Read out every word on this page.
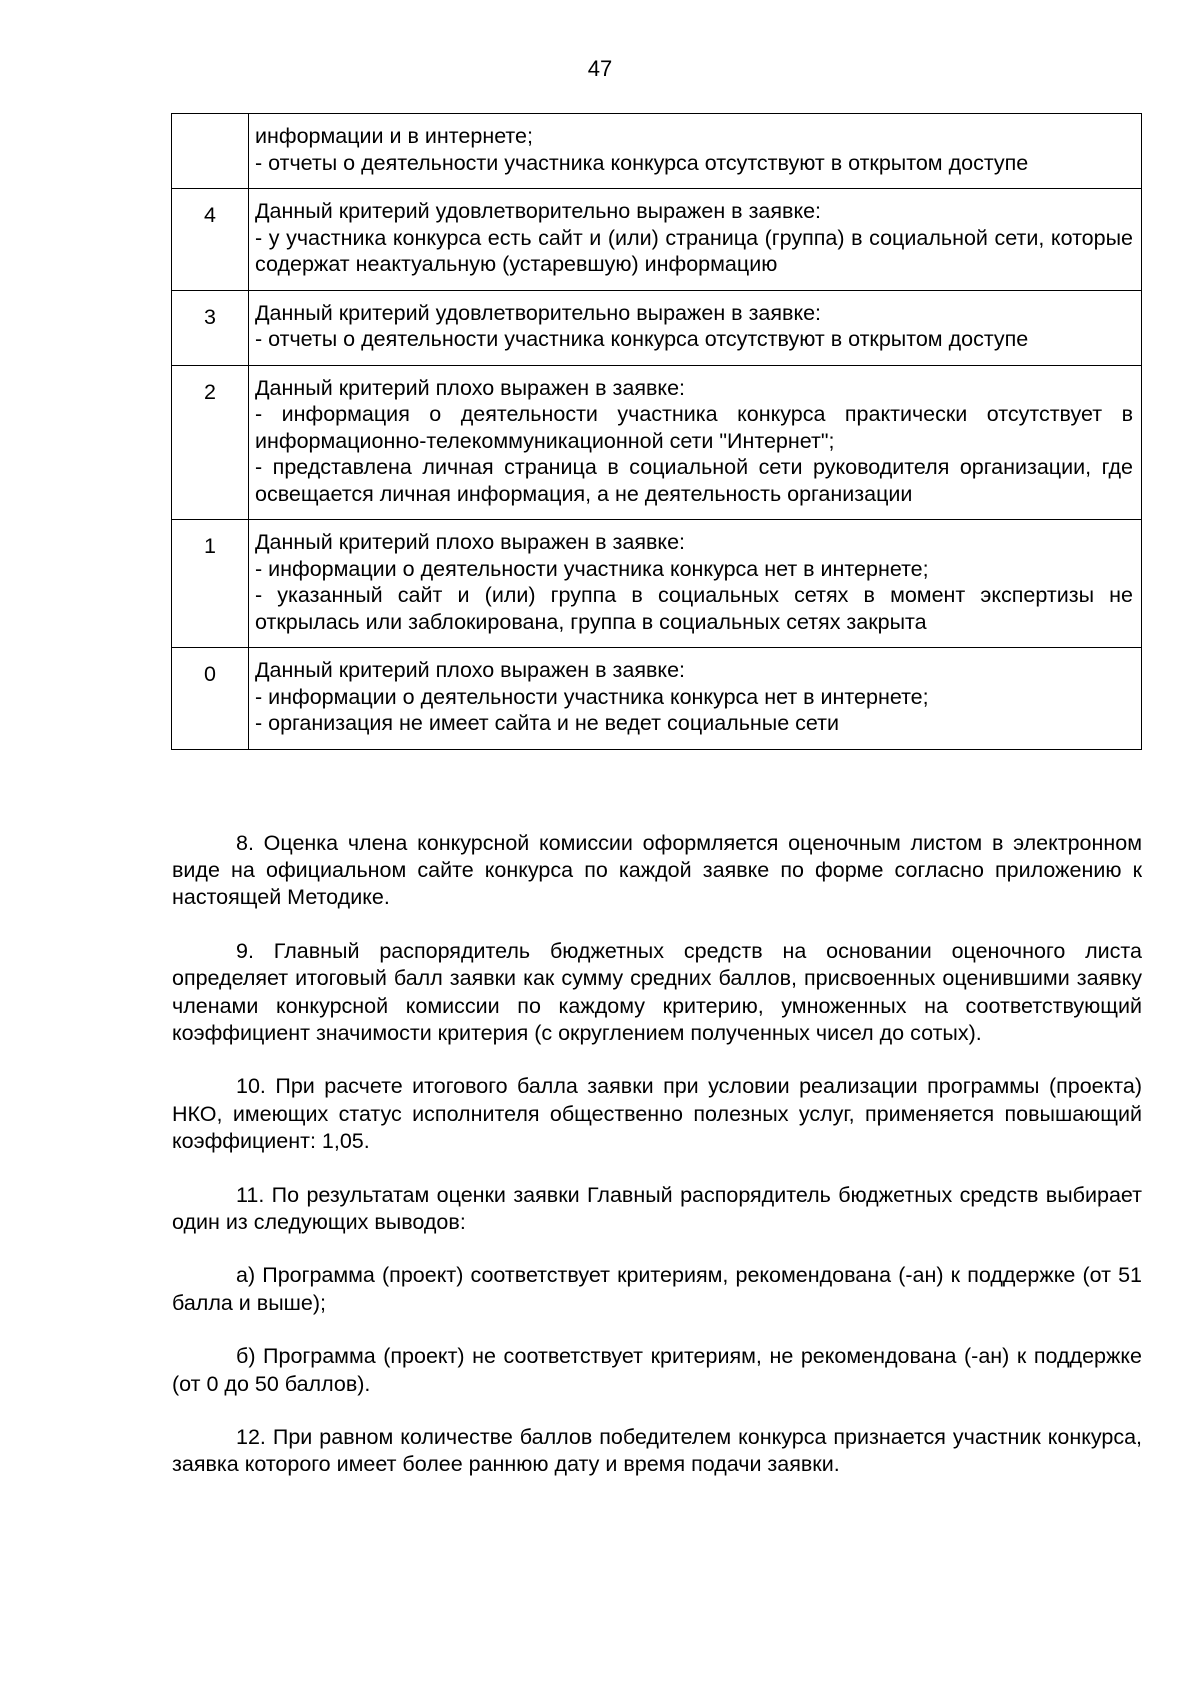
47

	информации и в интернете;
- отчеты о деятельности участника конкурса отсутствуют в открытом доступе

4	Данный критерий удовлетворительно выражен в заявке:
- у участника конкурса есть сайт и (или) страница (группа) в социальной сети, которые содержат неактуальную (устаревшую) информацию

3	Данный критерий удовлетворительно выражен в заявке:
- отчеты о деятельности участника конкурса отсутствуют в открытом доступе

2	Данный критерий плохо выражен в заявке:
- информация о деятельности участника конкурса практически отсутствует в информационно-телекоммуникационной сети "Интернет";
- представлена личная страница в социальной сети руководителя организации, где освещается личная информация, а не деятельность организации

1	Данный критерий плохо выражен в заявке:
- информации о деятельности участника конкурса нет в интернете;
- указанный сайт и (или) группа в социальных сетях в момент экспертизы не открылась или заблокирована, группа в социальных сетях закрыта

0	Данный критерий плохо выражен в заявке:
- информации о деятельности участника конкурса нет в интернете;
- организация не имеет сайта и не ведет социальные сети

8. Оценка члена конкурсной комиссии оформляется оценочным листом в электронном виде на официальном сайте конкурса по каждой заявке по форме согласно приложению к настоящей Методике.

9. Главный распорядитель бюджетных средств на основании оценочного листа определяет итоговый балл заявки как сумму средних баллов, присвоенных оценившими заявку членами конкурсной комиссии по каждому критерию, умноженных на соответствующий коэффициент значимости критерия (с округлением полученных чисел до сотых).

10. При расчете итогового балла заявки при условии реализации программы (проекта) НКО, имеющих статус исполнителя общественно полезных услуг, применяется повышающий коэффициент: 1,05.

11. По результатам оценки заявки Главный распорядитель бюджетных средств выбирает один из следующих выводов:

а) Программа (проект) соответствует критериям, рекомендована (-ан) к поддержке (от 51 балла и выше);

б) Программа (проект) не соответствует критериям, не рекомендована (-ан) к поддержке (от 0 до 50 баллов).

12. При равном количестве баллов победителем конкурса признается участник конкурса, заявка которого имеет более раннюю дату и время подачи заявки.
